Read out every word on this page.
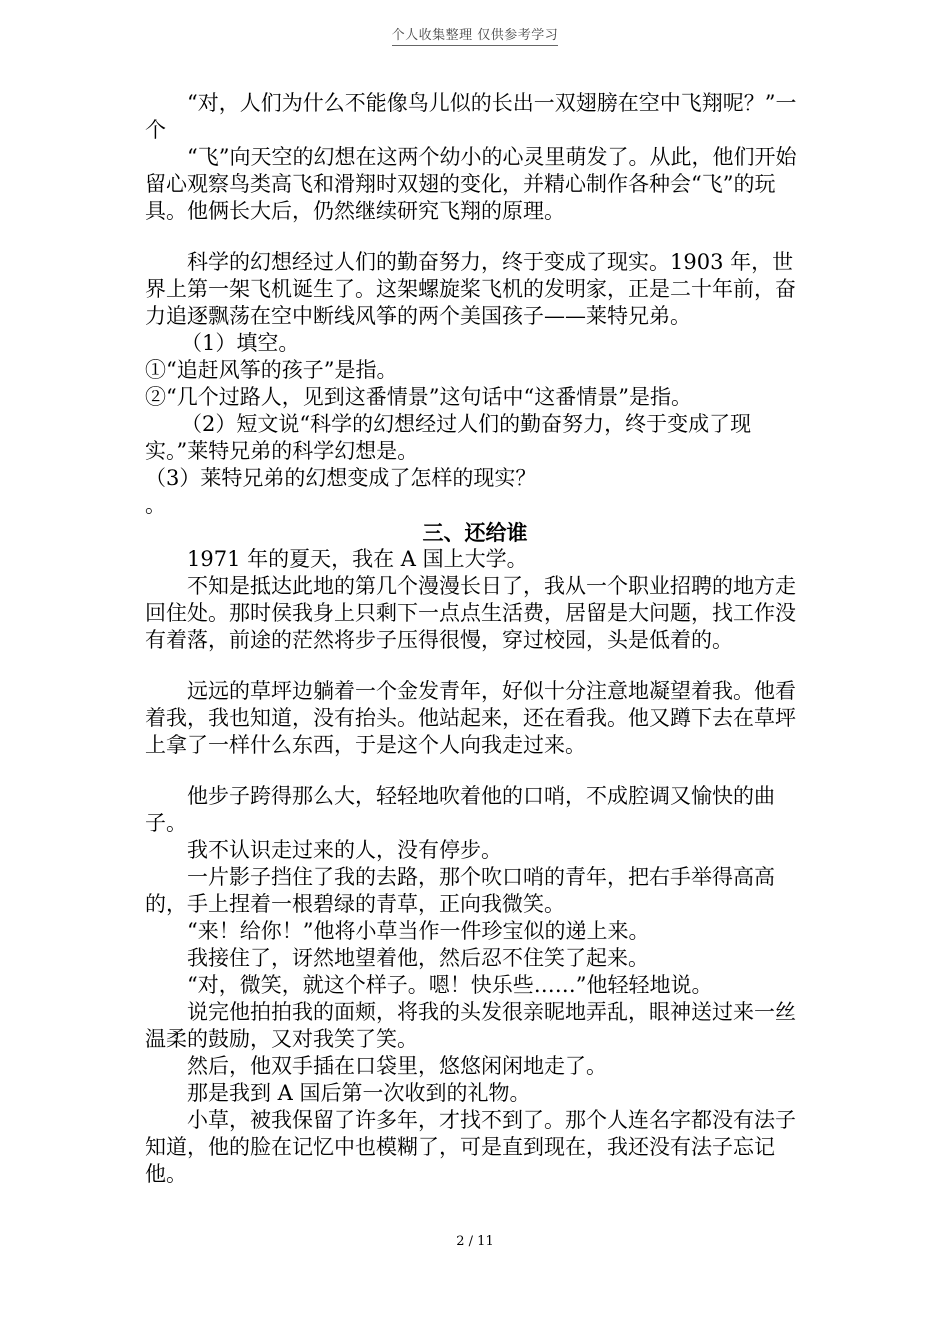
个人收集整理 仅供参考学习

“对，人们为什么不能像鸟儿似的长出一双翅膀在空中飞翔呢？”一个

“飞”向天空的幻想在这两个幼小的心灵里萌发了。从此，他们开始留心观察鸟类高飞和滑翔时双翅的变化，并精心制作各种会“飞”的玩具。他俩长大后，仍然继续研究飞翔的原理。

科学的幻想经过人们的勤奋努力，终于变成了现实。1903 年，世界上第一架飞机诞生了。这架螺旋桨飞机的发明家，正是二十年前，奋力追逐飘荡在空中断线风筝的两个美国孩子——莱特兄弟。

（1）填空。

①“追赶风筝的孩子”是指。

②“几个过路人，见到这番情景”这句话中“这番情景”是指。

（2）短文说“科学的幻想经过人们的勤奋努力，终于变成了现实。”莱特兄弟的科学幻想是。

（3）莱特兄弟的幻想变成了怎样的现实？

。

三、还给谁

1971 年的夏天，我在 A 国上大学。

不知是抵达此地的第几个漫漫长日了，我从一个职业招聘的地方走回住处。那时侯我身上只剩下一点点生活费，居留是大问题，找工作没有着落，前途的茫然将步子压得很慢，穿过校园，头是低着的。

远远的草坪边躺着一个金发青年，好似十分注意地凝望着我。他看着我，我也知道，没有抬头。他站起来，还在看我。他又蹲下去在草坪上拿了一样什么东西，于是这个人向我走过来。

他步子跨得那么大，轻轻地吹着他的口哨，不成腔调又愉快的曲子。

我不认识走过来的人，没有停步。

一片影子挡住了我的去路，那个吹口哨的青年，把右手举得高高的，手上捏着一根碧绿的青草，正向我微笑。

“来！给你！”他将小草当作一件珍宝似的递上来。

我接住了，讶然地望着他，然后忍不住笑了起来。

“对，微笑，就这个样子。嗯！快乐些……”他轻轻地说。

说完他拍拍我的面颊，将我的头发很亲昵地弄乱，眼神送过来一丝温柔的鼓励，又对我笑了笑。

然后，他双手插在口袋里，悠悠闲闲地走了。

那是我到 A 国后第一次收到的礼物。

小草，被我保留了许多年，才找不到了。那个人连名字都没有法子知道，他的脸在记忆中也模糊了，可是直到现在，我还没有法子忘记他。

2 / 11
